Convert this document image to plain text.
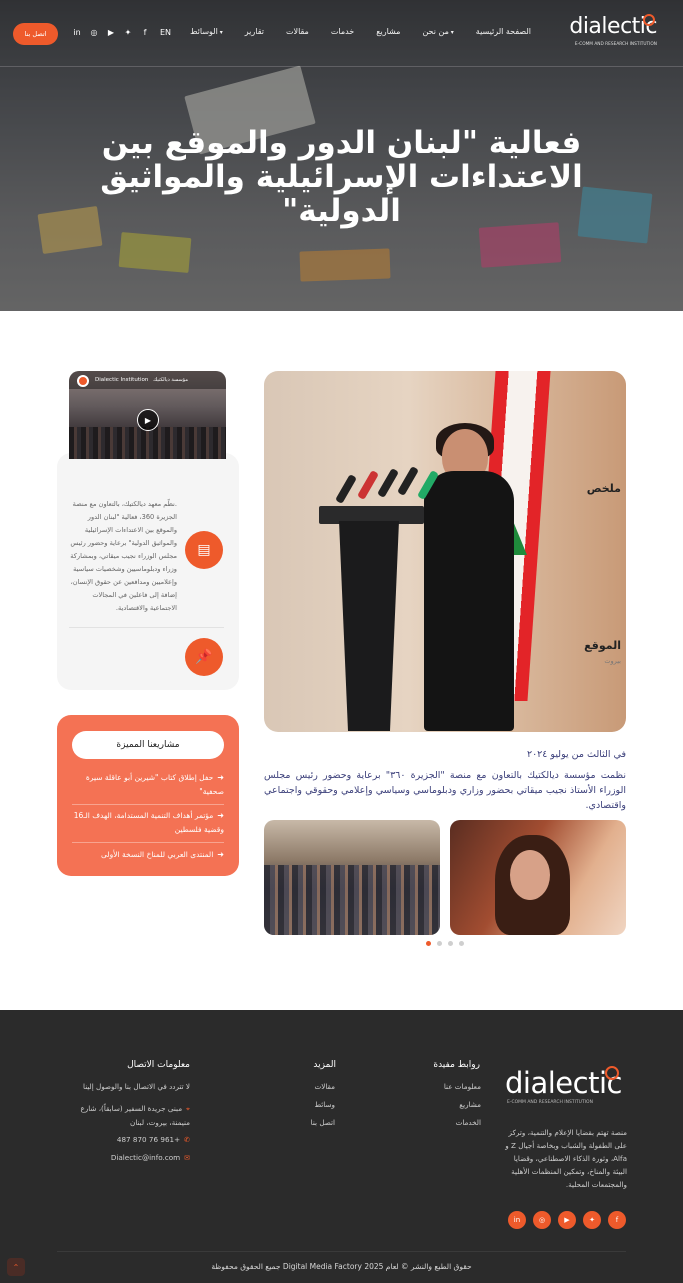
dialectic
E-COMM AND RESEARCH INSTITUTION
الصفحة الرئيسية
من نحن ▾
مشاريع
خدمات
مقالات
تقارير
الوسائط ▾
EN
in ◎ ▶ ✦	f
اتصل بنا
فعالية "لبنان الدور والموقع بين الاعتداءات الإسرائيلية والمواثيق الدولية"

في الثالث من يوليو ٢٠٢٤

نظمت مؤسسة ديالكتيك بالتعاون مع منصة "الجزيرة ٣٦٠" برعاية وحضور رئيس مجلس الوزراء الأستاذ نجيب ميقاتي بحضور وزاري ودبلوماسي وسياسي وإعلامي وحقوقي واجتماعي واقتصادي.

Dialectic Institution مؤسسة ديالكتيك
▶
ملخص

.نظّم معهد ديالكتيك، بالتعاون مع منصة الجزيرة 360، فعالية "لبنان الدور والموقع بين الاعتداءات الإسرائيلية والمواثيق الدولية" برعاية وحضور رئيس مجلس الوزراء نجيب ميقاتي، وبمشاركة وزراء ودبلوماسيين وشخصيات سياسية وإعلاميين ومدافعين عن حقوق الإنسان، إضافة إلى فاعلين في المجالات الاجتماعية والاقتصادية.

▤
الموقع
بيروت
📌
مشاريعنا المميزة
➜حفل إطلاق كتاب "شيرين أبو عاقلة سيرة صحفية"
➜مؤتمر أهداف التنمية المستدامة، الهدف الـ16 وقضية فلسطين
➜المنتدى العربي للمناخ النسخة الأولى
dialectic
E-COMM AND RESEARCH INSTITUTION

منصة تهتم بقضايا الإعلام والتنمية، وتركز على الطفولة والشباب وبخاصة أجيال Z و Alfa، وثورة الذكاء الاصطناعي، وقضايا البيئة والمناخ، وتمكين المنظمات الأهلية والمجتمعات المحلية.

in	◎	▶	✦	f
روابط مفيدة
معلومات عنا
مشاريع
الخدمات
المزيد
مقالات
وسائط
اتصل بنا
معلومات الاتصال
لا تتردد في الاتصال بنا والوصول إلينا
⌖مبنى جريدة السفير (سابقاً)، شارع منيمنة، بيروت، لبنان
✆+961 76 870 487
✉Dialectic@info.com
حقوق الطبع والنشر © لعام 2025 Digital Media Factory جميع الحقوق محفوظة
⌃
